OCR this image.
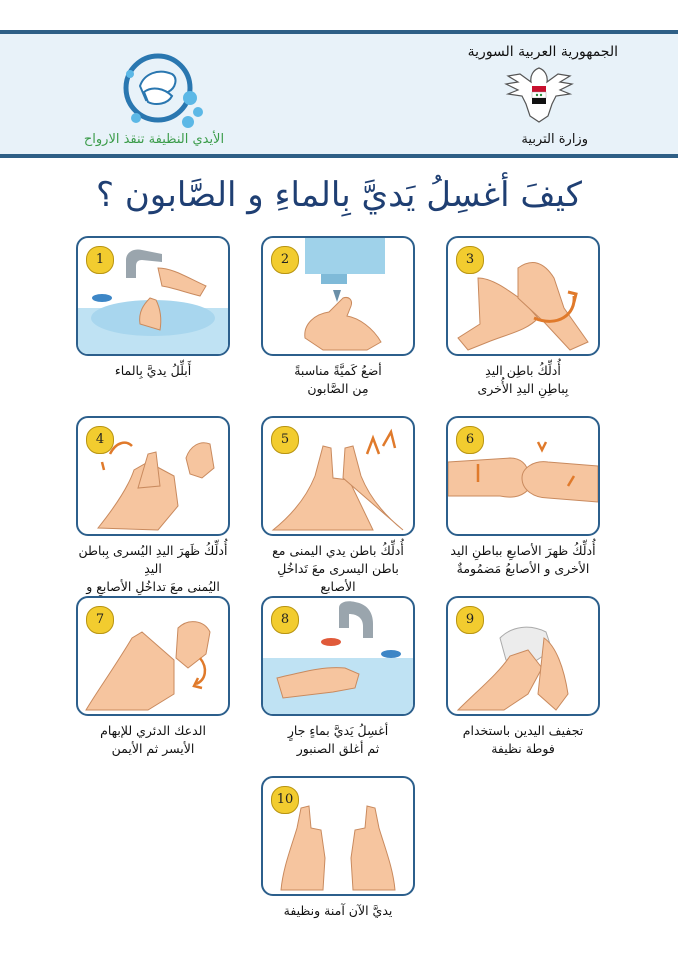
الجمهورية العربية السورية
وزارة التربية
الأيدي النظيفة تنقذ الارواح
كيفَ أغسِلُ يَديَّ بِالماءِ و الصَّابون ؟
1
أَبلِّلُ يديَّ بِالماء
2
أضعُ كَميَّةً مناسبةً
مِن الصَّابون
3
أُدلِّكُ باطِن اليدِ
بِباطِنِ اليدِ الأُخرى
4
أُدلِّكُ ظَهرَ اليدِ اليُسرى بِباطن اليدِ
اليُمنى معَ تداخُلِ الأصابعِ و
5
أُدلِّكُ باطن يدي اليمنى مع
باطن اليسرى معَ تَداخُلِ الأصابع
6
أُدلِّكُ ظهرَ الأصابعِ بباطنِ اليد
الأخرى و الأصابعُ مَضمُومةٌ
7
الدعك الدئري للإبهام
الأيسر ثم الأيمن
8
أغسِلُ يَديَّ بماءٍ جارٍ
ثم أغلق الصنبور
9
تجفيف اليدين باستخدام
فوطة نظيفة
10
يديَّ الآن آمنة ونظيفة
